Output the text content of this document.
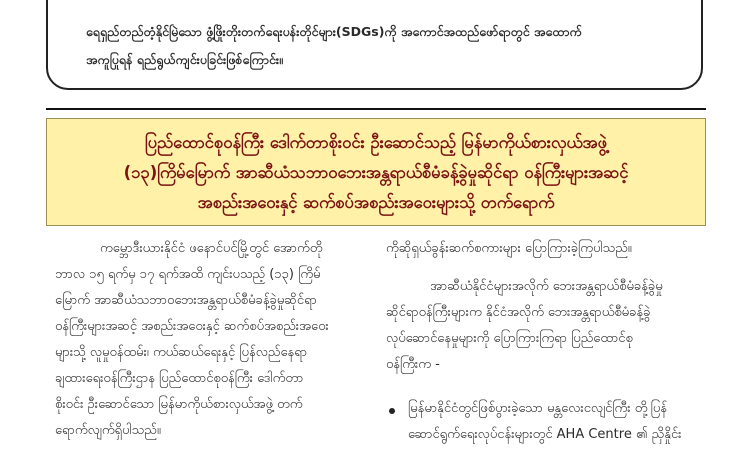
ရေရှည်တည်တံ့နိုင်မြဲသော ဖွံ့ဖြိုးတိုးတက်ရေးပန်းတိုင်များ(SDGs)ကို အကောင်အထည်ဖော်ရာတွင် အထောက်
အကူပြုရန် ရည်ရွယ်ကျင်းပခြင်းဖြစ်ကြောင်း။
ပြည်ထောင်စုဝန်ကြီး ဒေါက်တာစိုးဝင်း ဦးဆောင်သည့် မြန်မာကိုယ်စားလှယ်အဖွဲ့
(၁၃)ကြိမ်မြောက် အာဆီယံသဘာဝဘေးအန္တရာယ်စီမံခန့်ခွဲမှုဆိုင်ရာ ဝန်ကြီးများအဆင့်
အစည်းအဝေးနှင့် ဆက်စပ်အစည်းအဝေးများသို့ တက်ရောက်
ကမ္ဘောဒီးယားနိုင်ငံ ဖနောင်ပင်မြို့တွင် အောက်တို
ဘာလ ၁၅ ရက်မှ ၁၇ ရက်အထိ ကျင်းပသည့် (၁၃) ကြိမ်
မြောက် အာဆီယံသဘာဝဘေးအန္တရာယ်စီမံခန့်ခွဲမှုဆိုင်ရာ
ဝန်ကြီးများအဆင့် အစည်းအဝေးနှင့် ဆက်စပ်အစည်းအဝေး
များသို့ လူမှုဝန်ထမ်း၊ ကယ်ဆယ်ရေးနှင့် ပြန်လည်နေရာ
ချထားရေးဝန်ကြီးဌာန ပြည်ထောင်စုဝန်ကြီး ဒေါက်တာ
စိုးဝင်း ဦးဆောင်သော မြန်မာကိုယ်စားလှယ်အဖွဲ့ တက်
ရောက်လျက်ရှိပါသည်။
ကိုဆိုရှယ်ခွန်းဆက်စကားများ ပြောကြားခဲ့ကြပါသည်။
အာဆီယံနိုင်ငံများအလိုက် ဘေးအန္တရာယ်စီမံခန့်ခွဲမှု
ဆိုင်ရာဝန်ကြီးများက နိုင်ငံအလိုက် ဘေးအန္တရာယ်စီမံခန့်ခွဲ
လုပ်ဆောင်နေမှုများကို ပြောကြားကြရာ ပြည်ထောင်စု
ဝန်ကြီးက -
မြန်မာနိုင်ငံတွင်ဖြစ်ပွားခဲ့သော မန္တလေးငလျင်ကြီး တို့ပြန်
ဆောင်ရွက်ရေးလုပ်ငန်းများတွင် AHA Centre ၏ ညှိနှိုင်း
